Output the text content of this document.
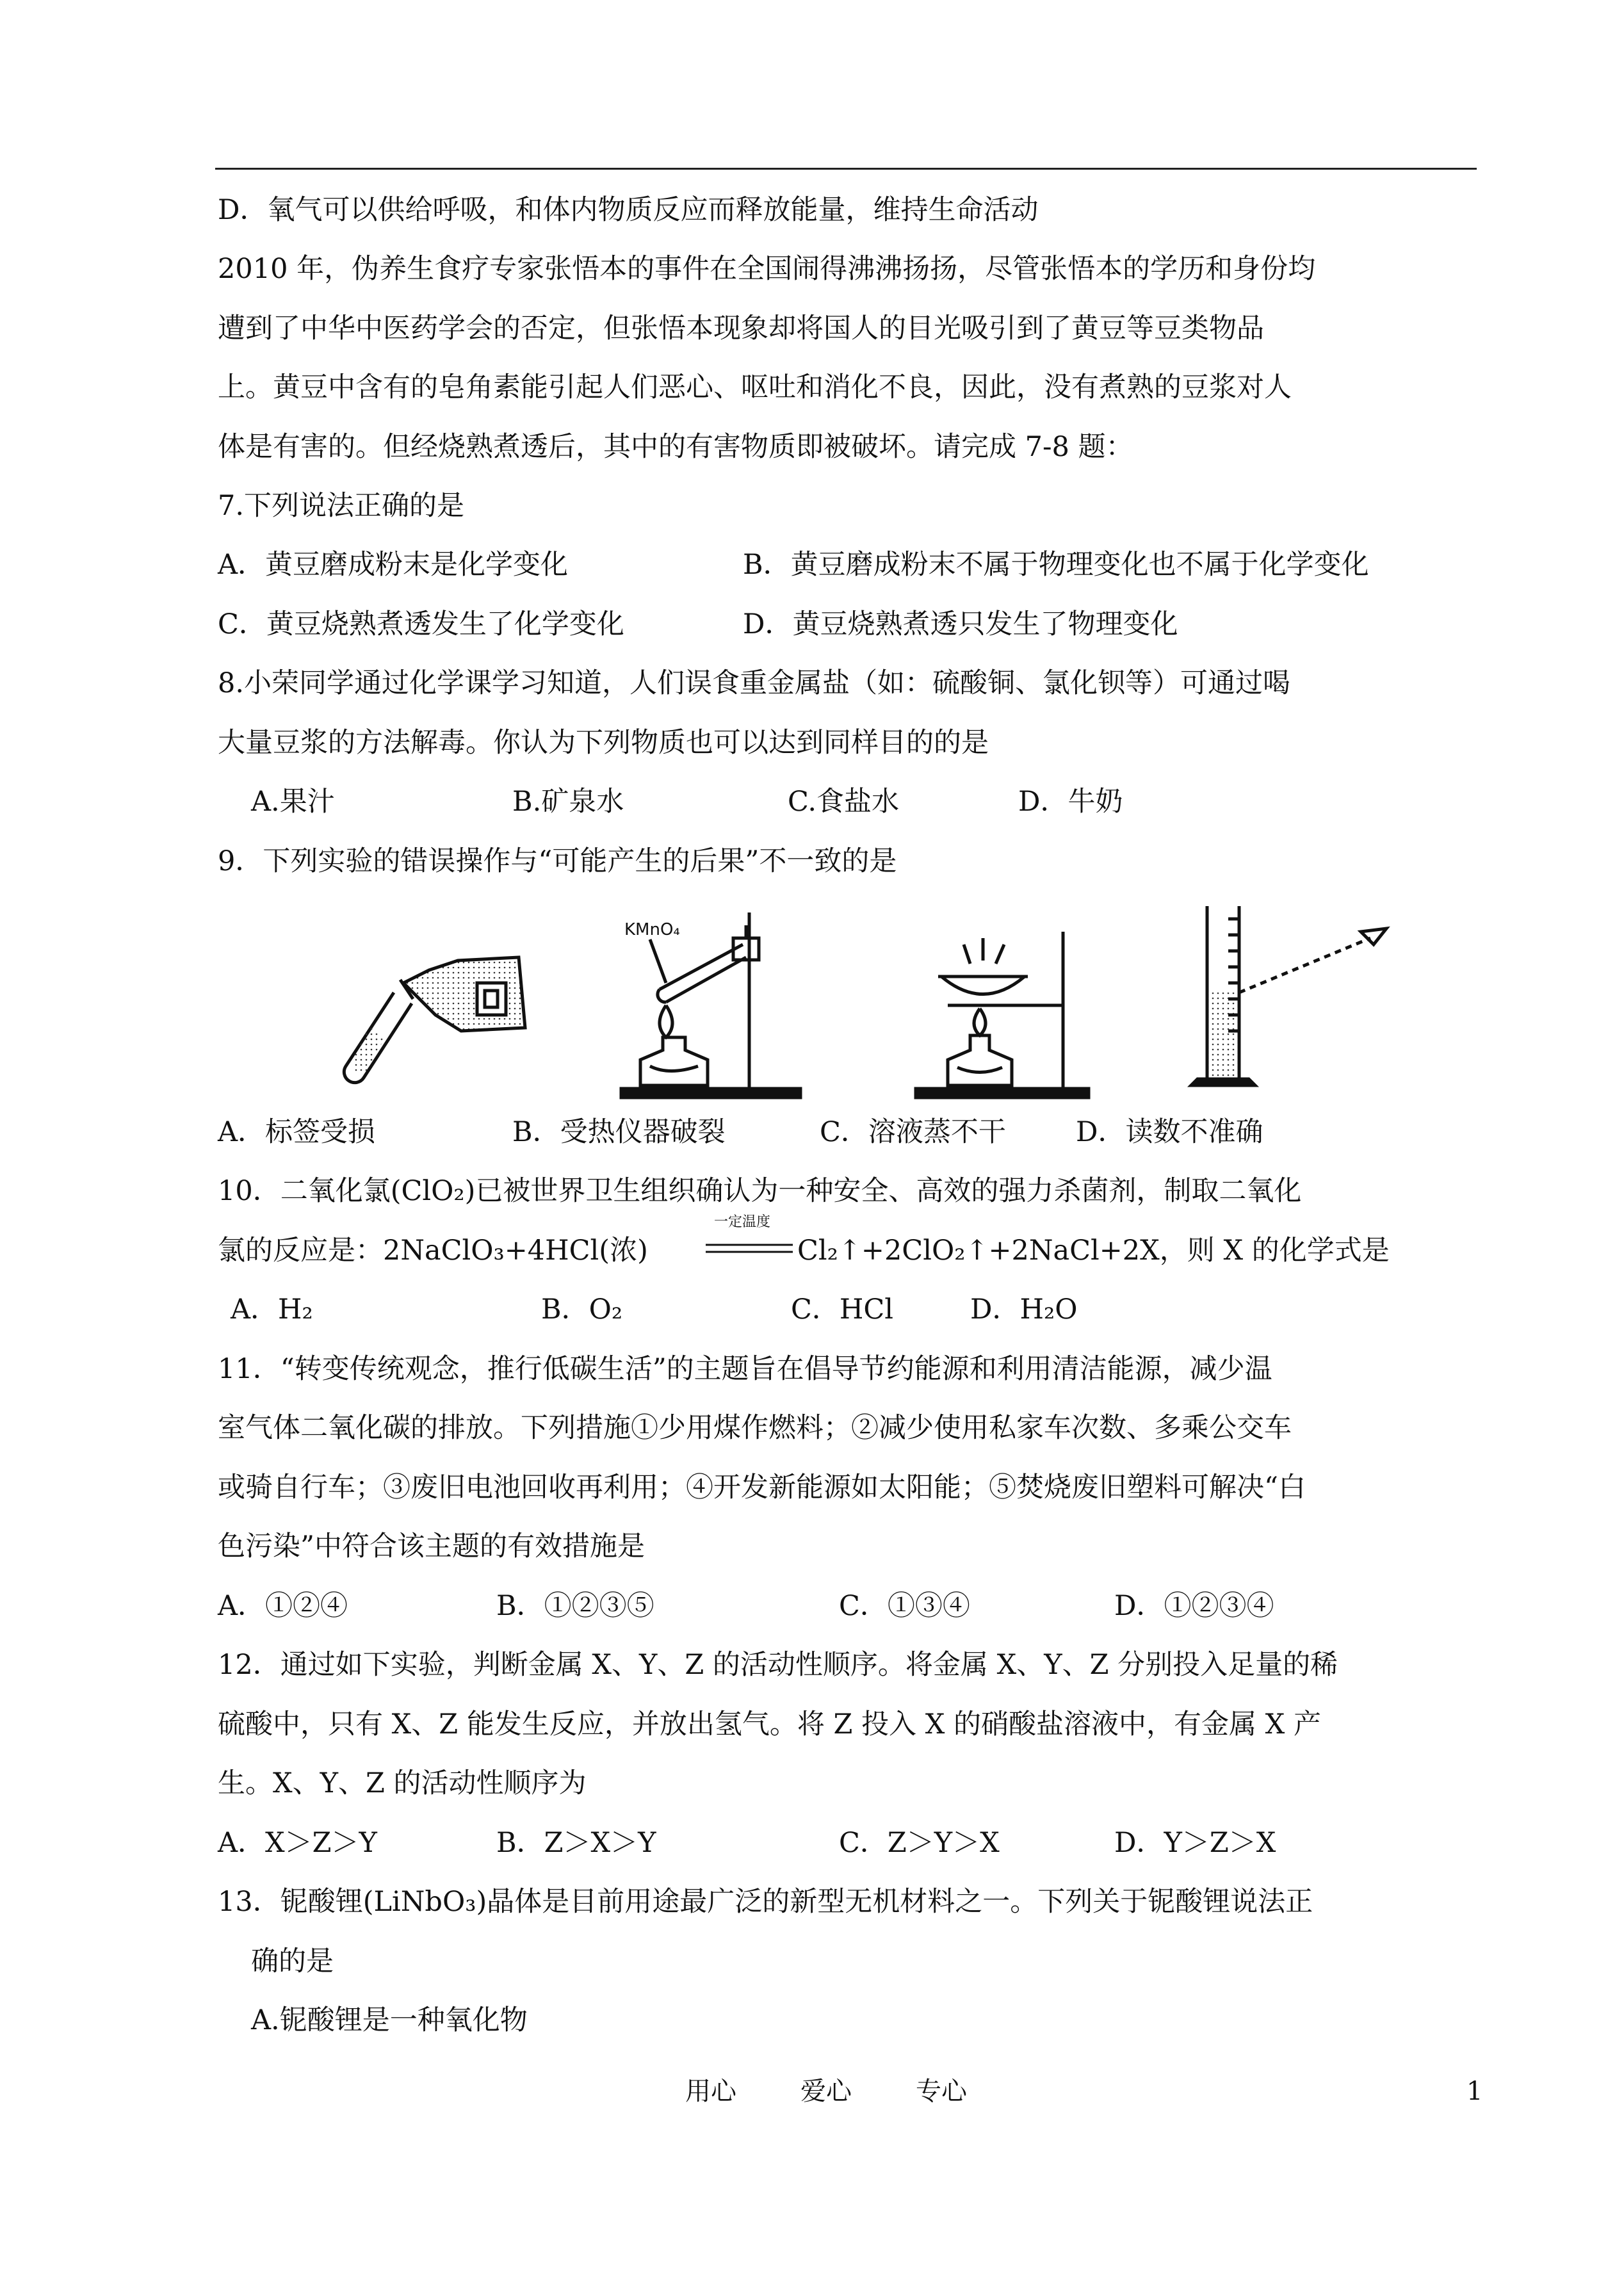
D．氧气可以供给呼吸，和体内物质反应而释放能量，维持生命活动
2010 年，伪养生食疗专家张悟本的事件在全国闹得沸沸扬扬，尽管张悟本的学历和身份均
遭到了中华中医药学会的否定，但张悟本现象却将国人的目光吸引到了黄豆等豆类物品
上。黄豆中含有的皂角素能引起人们恶心、呕吐和消化不良，因此，没有煮熟的豆浆对人
体是有害的。但经烧熟煮透后，其中的有害物质即被破坏。请完成 7-8 题：
7.下列说法正确的是
A．黄豆磨成粉末是化学变化	B．黄豆磨成粉末不属于物理变化也不属于化学变化
C．黄豆烧熟煮透发生了化学变化	D．黄豆烧熟煮透只发生了物理变化
8.小荣同学通过化学课学习知道，人们误食重金属盐（如：硫酸铜、氯化钡等）可通过喝
大量豆浆的方法解毒。你认为下列物质也可以达到同样目的的是
A.果汁	B.矿泉水	C.食盐水	D．牛奶
9．下列实验的错误操作与“可能产生的后果”不一致的是
KMnO₄
A．标签受损	B．受热仪器破裂	C．溶液蒸不干	D．读数不准确
10．二氧化氯(ClO₂)已被世界卫生组织确认为一种安全、高效的强力杀菌剂，制取二氧化
氯的反应是：2NaClO₃+4HCl(浓)
一定温度
Cl₂↑+2ClO₂↑+2NaCl+2X，则 X 的化学式是
A．H₂	B．O₂	C．HCl	D．H₂O
11．“转变传统观念，推行低碳生活”的主题旨在倡导节约能源和利用清洁能源，减少温
室气体二氧化碳的排放。下列措施①少用煤作燃料；②减少使用私家车次数、多乘公交车
或骑自行车；③废旧电池回收再利用；④开发新能源如太阳能；⑤焚烧废旧塑料可解决“白
色污染”中符合该主题的有效措施是
A．①②④	B．①②③⑤	C．①③④	D．①②③④
12．通过如下实验，判断金属 X、Y、Z 的活动性顺序。将金属 X、Y、Z 分别投入足量的稀
硫酸中，只有 X、Z 能发生反应，并放出氢气。将 Z 投入 X 的硝酸盐溶液中，有金属 X 产
生。X、Y、Z 的活动性顺序为
A．X＞Z＞Y	B．Z＞X＞Y	C．Z＞Y＞X	D．Y＞Z＞X
13．铌酸锂(LiNbO₃)晶体是目前用途最广泛的新型无机材料之一。下列关于铌酸锂说法正
确的是
A.铌酸锂是一种氧化物
用心	爱心	专心	1
